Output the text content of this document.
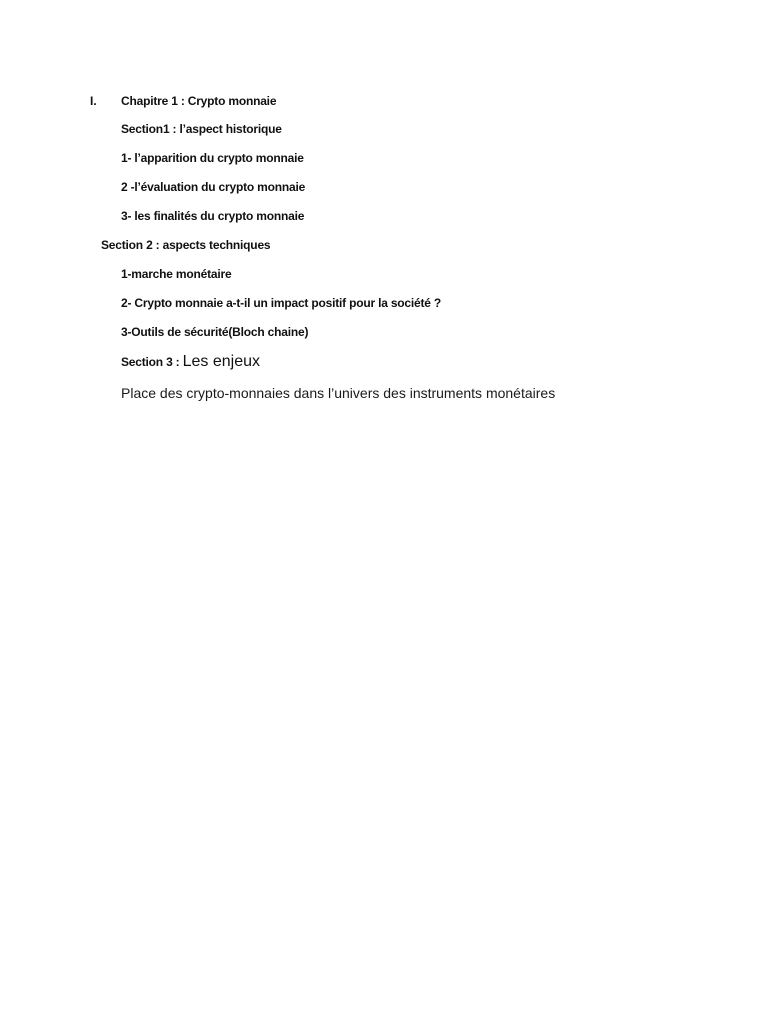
I. Chapitre 1 : Crypto monnaie
Section1 : l’aspect historique
1- l’apparition du crypto monnaie
2 -l’évaluation du crypto monnaie
3- les finalités du crypto monnaie
Section 2 : aspects techniques
1-marche monétaire
2- Crypto monnaie a-t-il un impact positif pour la société ?
3-Outils de sécurité(Bloch chaine)
Section 3 : Les enjeux
Place des crypto-monnaies dans l’univers des instruments monétaires
